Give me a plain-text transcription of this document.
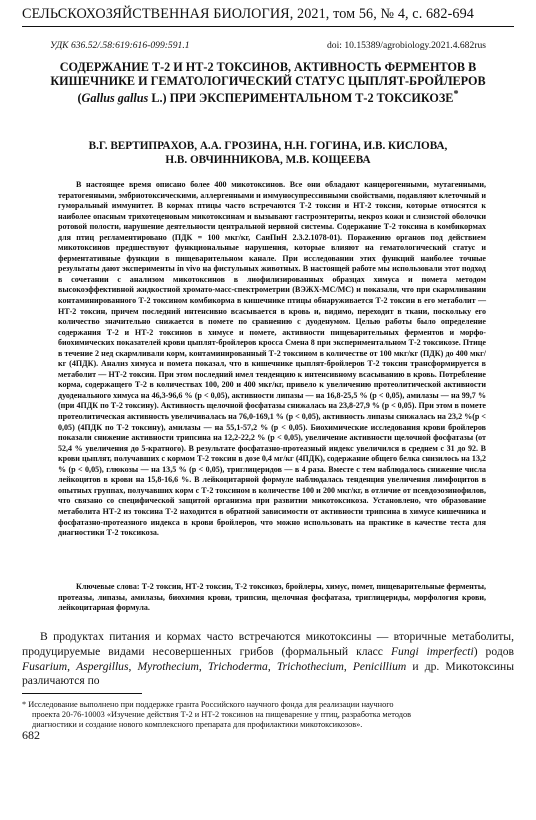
СЕЛЬСКОХОЗЯЙСТВЕННАЯ БИОЛОГИЯ, 2021, том 56, № 4, с. 682-694
УДК 636.52/.58:619:616-099:591.1	doi: 10.15389/agrobiology.2021.4.682rus
СОДЕРЖАНИЕ Т-2 И НТ-2 ТОКСИНОВ, АКТИВНОСТЬ ФЕРМЕНТОВ В КИШЕЧНИКЕ И ГЕМАТОЛОГИЧЕСКИЙ СТАТУС ЦЫПЛЯТ-БРОЙЛЕРОВ (Gallus gallus L.) ПРИ ЭКСПЕРИМЕНТАЛЬНОМ Т-2 ТОКСИКОЗЕ*
В.Г. ВЕРТИПРАХОВ, А.А. ГРОЗИНА, Н.Н. ГОГИНА, И.В. КИСЛОВА,
Н.В. ОВЧИННИКОВА, М.В. КОЩЕЕВА

В настоящее время описано более 400 микотоксинов. Все они обладают канцерогенными, мутагенными, тератогенными, эмбриотоксическими, аллергенными и иммуносупрессивными свойствами, подавляют клеточный и гуморальный иммунитет. В кормах птицы часто встречаются Т-2 токсин и НТ-2 токсин, которые относятся к наиболее опасным трихотеценовым микотоксинам и вызывают гастроэнтериты, некроз кожи и слизистой оболочки ротовой полости, нарушение деятельности центральной нервной системы. Содержание Т-2 токсина в комбикормах для птиц регламентировано (ПДК = 100 мкг/кг, СанПиН 2.3.2.1078-01). Поражению органов под действием микотоксинов предшествуют функциональные нарушения, которые влияют на гематологический статус и ферментативные функции в пищеварительном канале. При исследовании этих функций наиболее точные результаты дают эксперименты in vivo на фистульных животных. В настоящей работе мы использовали этот подход в сочетании с анализом микотоксинов в лиофилизированных образцах химуса и помета методом высокоэффективной жидкостной хромато-масс-спектрометрии (ВЭЖХ-МС/МС) и показали, что при скармливании контаминированного Т-2 токсином комбикорма в кишечнике птицы обнаруживается Т-2 токсин в его метаболит — НТ-2 токсин, причем последний интенсивно всасывается в кровь и, видимо, переходит в ткани, поскольку его количество значительно снижается в помете по сравнению с дуоденумом. Целью работы было определение содержания Т-2 и НТ-2 токсинов в химусе и помете, активности пищеварительных ферментов и морфо-биохимических показателей крови цыплят-бройлеров кросса Смена 8 при экспериментальном Т-2 токсикозе. Птице в течение 2 нед скармливали корм, контаминированный Т-2 токсином в количестве от 100 мкг/кг (ПДК) до 400 мкг/кг (4ПДК). Анализ химуса и помета показал, что в кишечнике цыплят-бройлеров Т-2 токсин трансформируется в метаболит — НТ-2 токсин. При этом последний имел тенденцию к интенсивному всасыванию в кровь. Потребление корма, содержащего Т-2 в количествах 100, 200 и 400 мкг/кг, привело к увеличению протеолитической активности дуоденального химуса на 46,3-96,6 % (р < 0,05), активности липазы — на 16,8-25,5 % (р < 0,05), амилазы — на 99,7 % (при 4ПДК по Т-2 токсину). Активность щелочной фосфатазы снижалась на 23,8-27,9 % (р < 0,05). При этом в помете протеолитическая активность увеличивалась на 76,0-169,1 % (р < 0,05), активность липазы снижалась на 23,2 %(р < 0,05) (4ПДК по Т-2 токсину), амилазы — на 55,1-57,2 % (р < 0,05). Биохимические исследования крови бройлеров показали снижение активности трипсина на 12,2-22,2 % (р < 0,05), увеличение активности щелочной фосфатазы (от 52,4 % увеличения до 5-кратного). В результате фосфатазно-протеазный индекс увеличился в среднем с 31 до 92. В крови цыплят, получавших с кормом Т-2 токсин в дозе 0,4 мг/кг (4ПДК), содержание общего белка снизилось на 13,2 % (р < 0,05), глюкозы — на 13,5 % (р < 0,05), триглицеридов — в 4 раза. Вместе с тем наблюдалось снижение числа лейкоцитов в крови на 15,8-16,6 %. В лейкоцитарной формуле наблюдалась тенденция увеличения лимфоцитов в опытных группах, получавших корм с Т-2 токсином в количестве 100 и 200 мкг/кг, в отличие от псевдоэозинофилов, что связано со специфической защитой организма при развитии микотоксикоза. Установлено, что образование метаболита НТ-2 из токсина Т-2 находится в обратной зависимости от активности трипсина в химусе кишечника и фосфатазно-протеазного индекса в крови бройлеров, что можно использовать на практике в качестве теста для диагностики Т-2 токсикоза.

Ключевые слова: Т-2 токсин, НТ-2 токсин, Т-2 токсикоз, бройлеры, химус, помет, пищеварительные ферменты, протеазы, липазы, амилазы, биохимия крови, трипсин, щелочная фосфатаза, триглицериды, морфология крови, лейкоцитарная формула.

В продуктах питания и кормах часто встречаются микотоксины — вторичные метаболиты, продуцируемые видами несовершенных грибов (формальный класс Fungi imperfecti) родов Fusarium, Aspergillus, Myrothecium, Trichoderma, Trichothecium, Penicillium и др. Микотоксины различаются по

* Исследование выполнено при поддержке гранта Российского научного фонда для реализации научного
проекта 20-76-10003 «Изучение действия Т-2 и НТ-2 токсинов на пищеварение у птиц, разработка методов
диагностики и создание нового комплексного препарата для профилактики микотоксикозов».
682
